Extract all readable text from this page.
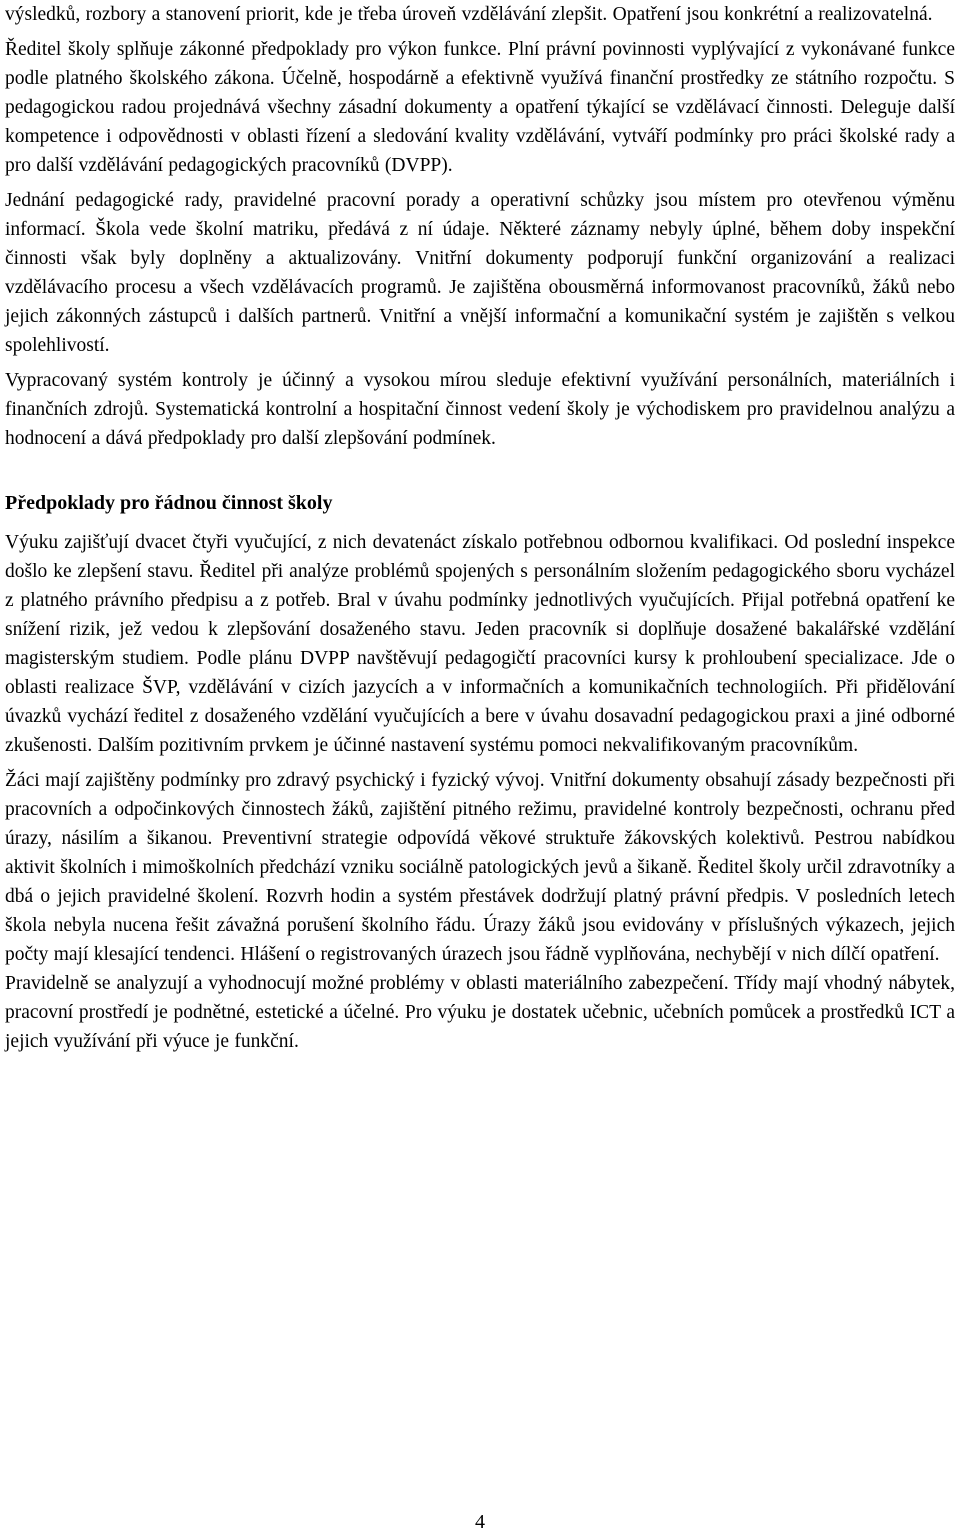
výsledků, rozbory a stanovení priorit, kde je třeba úroveň vzdělávání zlepšit. Opatření jsou konkrétní a realizovatelná.

Ředitel školy splňuje zákonné předpoklady pro výkon funkce. Plní právní povinnosti vyplývající z vykonávané funkce podle platného školského zákona. Účelně, hospodárně a efektivně využívá finanční prostředky ze státního rozpočtu. S pedagogickou radou projednává všechny zásadní dokumenty a opatření týkající se vzdělávací činnosti. Deleguje další kompetence i odpovědnosti v oblasti řízení a sledování kvality vzdělávání, vytváří podmínky pro práci školské rady a pro další vzdělávání pedagogických pracovníků (DVPP).

Jednání pedagogické rady, pravidelné pracovní porady a operativní schůzky jsou místem pro otevřenou výměnu informací. Škola vede školní matriku, předává z ní údaje. Některé záznamy nebyly úplné, během doby inspekční činnosti však byly doplněny a aktualizovány. Vnitřní dokumenty podporují funkční organizování a realizaci vzdělávacího procesu a všech vzdělávacích programů. Je zajištěna obousměrná informovanost pracovníků, žáků nebo jejich zákonných zástupců i dalších partnerů. Vnitřní a vnější informační a komunikační systém je zajištěn s velkou spolehlivostí.

Vypracovaný systém kontroly je účinný a vysokou mírou sleduje efektivní využívání personálních, materiálních i finančních zdrojů. Systematická kontrolní a hospitační činnost vedení školy je východiskem pro pravidelnou analýzu a hodnocení a dává předpoklady pro další zlepšování podmínek.

Předpoklady pro řádnou činnost školy

Výuku zajišťují dvacet čtyři vyučující, z nich devatenáct získalo potřebnou odbornou kvalifikaci. Od poslední inspekce došlo ke zlepšení stavu. Ředitel při analýze problémů spojených s personálním složením pedagogického sboru vycházel z platného právního předpisu a z potřeb. Bral v úvahu podmínky jednotlivých vyučujících. Přijal potřebná opatření ke snížení rizik, jež vedou k zlepšování dosaženého stavu. Jeden pracovník si doplňuje dosažené bakalářské vzdělání magisterským studiem. Podle plánu DVPP navštěvují pedagogičtí pracovníci kursy k prohloubení specializace. Jde o oblasti realizace ŠVP, vzdělávání v cizích jazycích a v informačních a komunikačních technologiích. Při přidělování úvazků vychází ředitel z dosaženého vzdělání vyučujících a bere v úvahu dosavadní pedagogickou praxi a jiné odborné zkušenosti. Dalším pozitivním prvkem je účinné nastavení systému pomoci nekvalifikovaným pracovníkům.

Žáci mají zajištěny podmínky pro zdravý psychický i fyzický vývoj. Vnitřní dokumenty obsahují zásady bezpečnosti při pracovních a odpočinkových činnostech žáků, zajištění pitného režimu, pravidelné kontroly bezpečnosti, ochranu před úrazy, násilím a šikanou. Preventivní strategie odpovídá věkové struktuře žákovských kolektivů. Pestrou nabídkou aktivit školních i mimoškolních předchází vzniku sociálně patologických jevů a šikaně. Ředitel školy určil zdravotníky a dbá o jejich pravidelné školení. Rozvrh hodin a systém přestávek dodržují platný právní předpis. V posledních letech škola nebyla nucena řešit závažná porušení školního řádu. Úrazy žáků jsou evidovány v příslušných výkazech, jejich počty mají klesající tendenci. Hlášení o registrovaných úrazech jsou řádně vyplňována, nechybějí v nich dílčí opatření.

Pravidelně se analyzují a vyhodnocují možné problémy v oblasti materiálního zabezpečení. Třídy mají vhodný nábytek, pracovní prostředí je podnětné, estetické a účelné. Pro výuku je dostatek učebnic, učebních pomůcek a prostředků ICT a jejich využívání při výuce je funkční.

4
